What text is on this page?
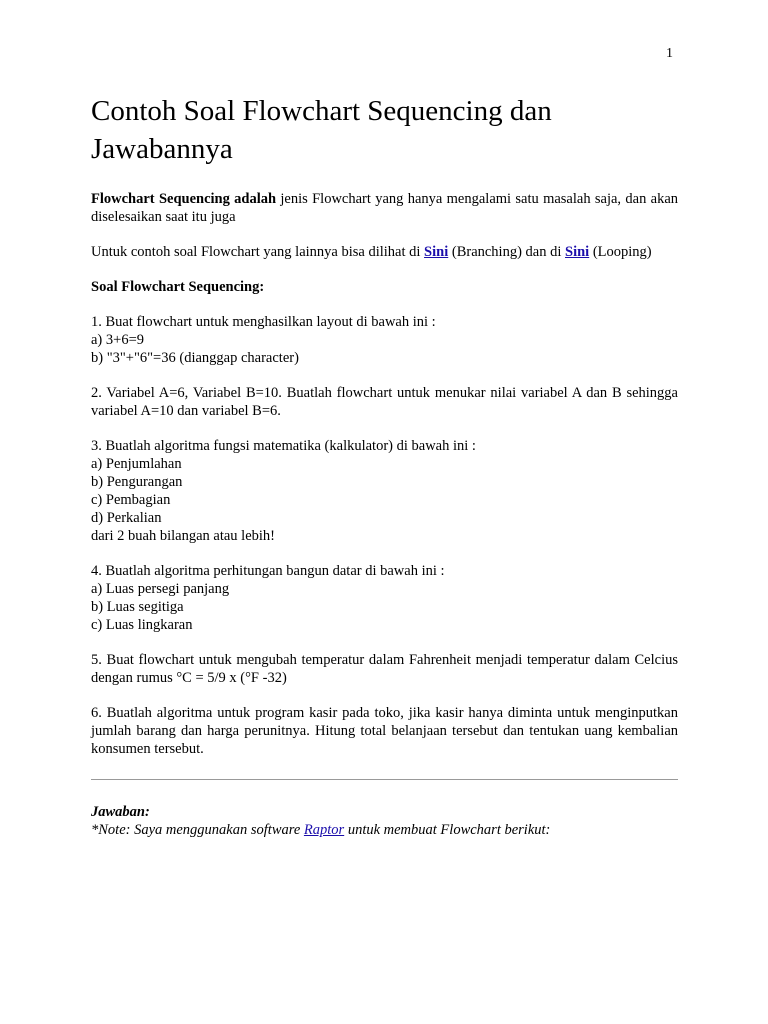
1
Contoh Soal Flowchart Sequencing dan Jawabannya

Flowchart Sequencing adalah jenis Flowchart yang hanya mengalami satu masalah saja, dan akan diselesaikan saat itu juga

Untuk contoh soal Flowchart yang lainnya bisa dilihat di Sini (Branching) dan di Sini (Looping)

Soal Flowchart Sequencing:

1. Buat flowchart untuk menghasilkan layout di bawah ini :
a) 3+6=9
b) "3"+"6"=36 (dianggap character)

2. Variabel A=6, Variabel B=10. Buatlah flowchart untuk menukar nilai variabel A dan B sehingga variabel A=10 dan variabel B=6.

3. Buatlah algoritma fungsi matematika (kalkulator) di bawah ini :
a) Penjumlahan
b) Pengurangan
c) Pembagian
d) Perkalian
dari 2 buah bilangan atau lebih!

4. Buatlah algoritma perhitungan bangun datar di bawah ini :
a) Luas persegi panjang
b) Luas segitiga
c) Luas lingkaran

5. Buat flowchart untuk mengubah temperatur dalam Fahrenheit menjadi temperatur dalam Celcius dengan rumus °C = 5/9 x (°F -32)

6. Buatlah algoritma untuk program kasir pada toko, jika kasir hanya diminta untuk menginputkan jumlah barang dan harga perunitnya. Hitung total belanjaan tersebut dan tentukan uang kembalian konsumen tersebut.

Jawaban:
*Note: Saya menggunakan software Raptor untuk membuat Flowchart berikut:
